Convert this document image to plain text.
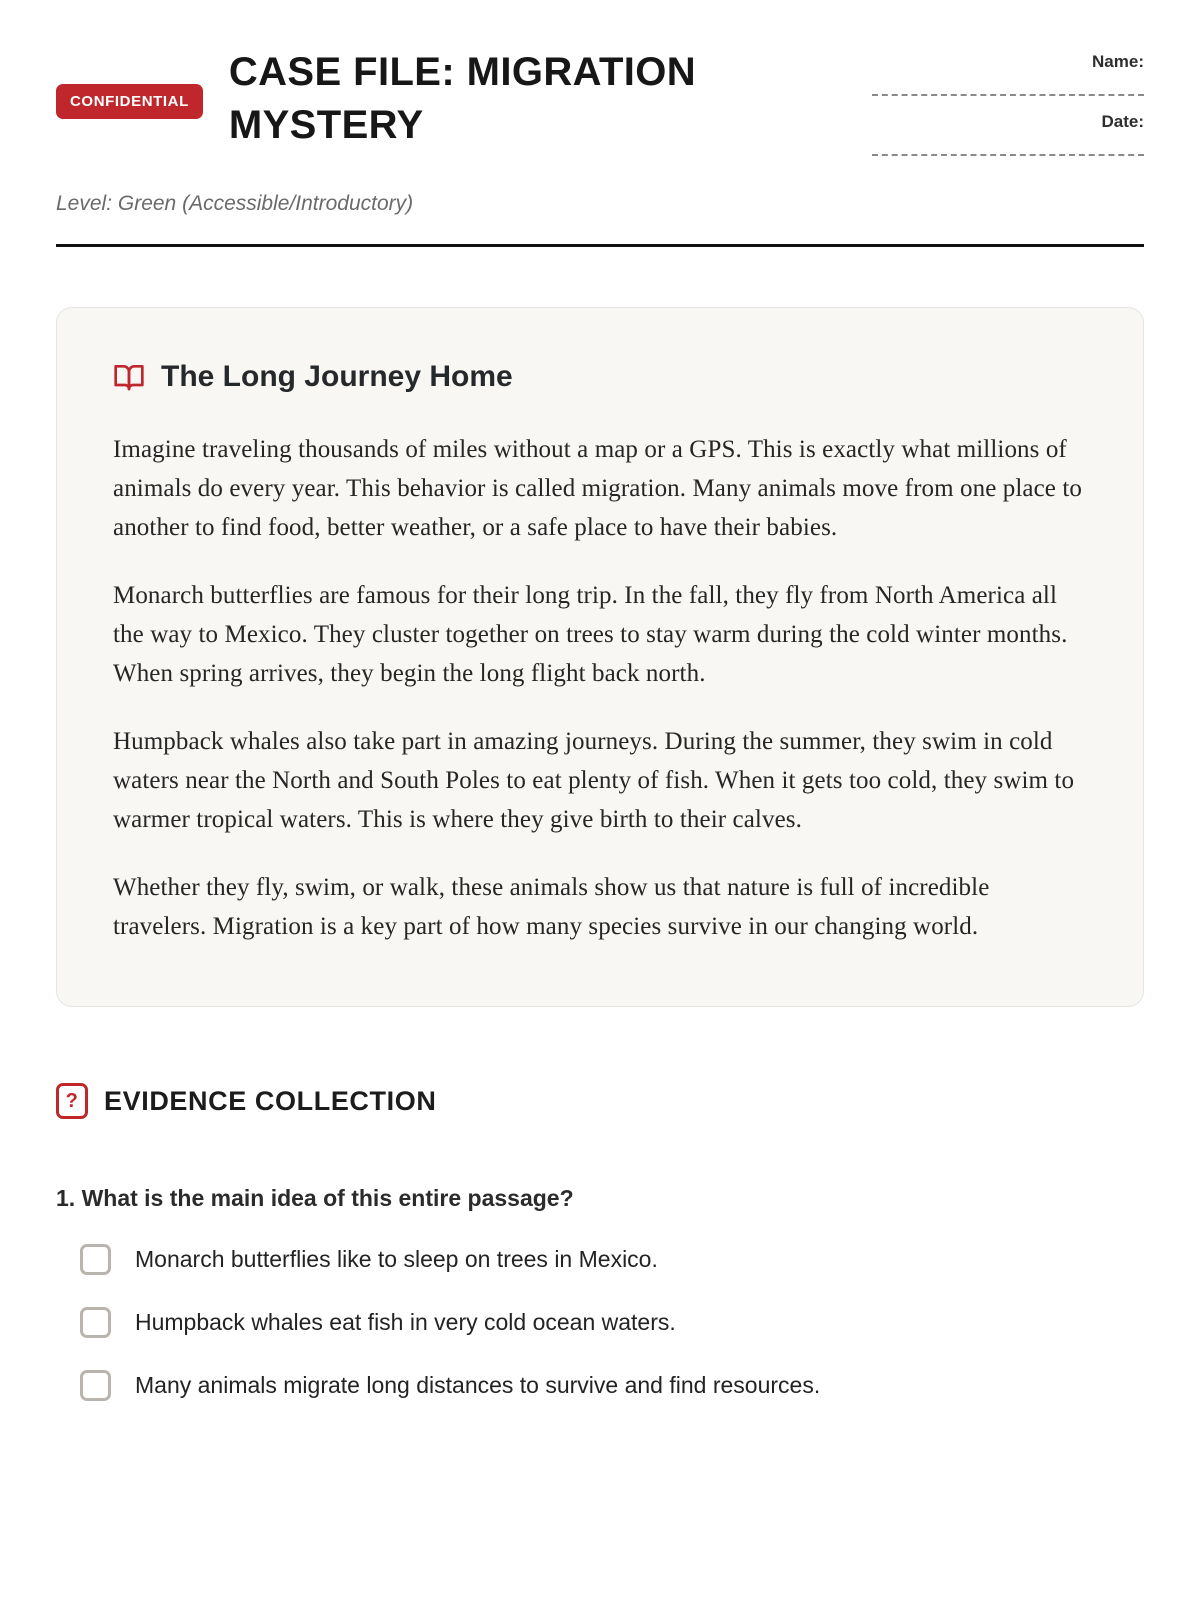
CONFIDENTIAL
CASE FILE: MIGRATION MYSTERY
Name:
Date:
Level: Green (Accessible/Introductory)
The Long Journey Home

Imagine traveling thousands of miles without a map or a GPS. This is exactly what millions of animals do every year. This behavior is called migration. Many animals move from one place to another to find food, better weather, or a safe place to have their babies.

Monarch butterflies are famous for their long trip. In the fall, they fly from North America all the way to Mexico. They cluster together on trees to stay warm during the cold winter months. When spring arrives, they begin the long flight back north.

Humpback whales also take part in amazing journeys. During the summer, they swim in cold waters near the North and South Poles to eat plenty of fish. When it gets too cold, they swim to warmer tropical waters. This is where they give birth to their calves.

Whether they fly, swim, or walk, these animals show us that nature is full of incredible travelers. Migration is a key part of how many species survive in our changing world.

? EVIDENCE COLLECTION
1. What is the main idea of this entire passage?
Monarch butterflies like to sleep on trees in Mexico.
Humpback whales eat fish in very cold ocean waters.
Many animals migrate long distances to survive and find resources.
